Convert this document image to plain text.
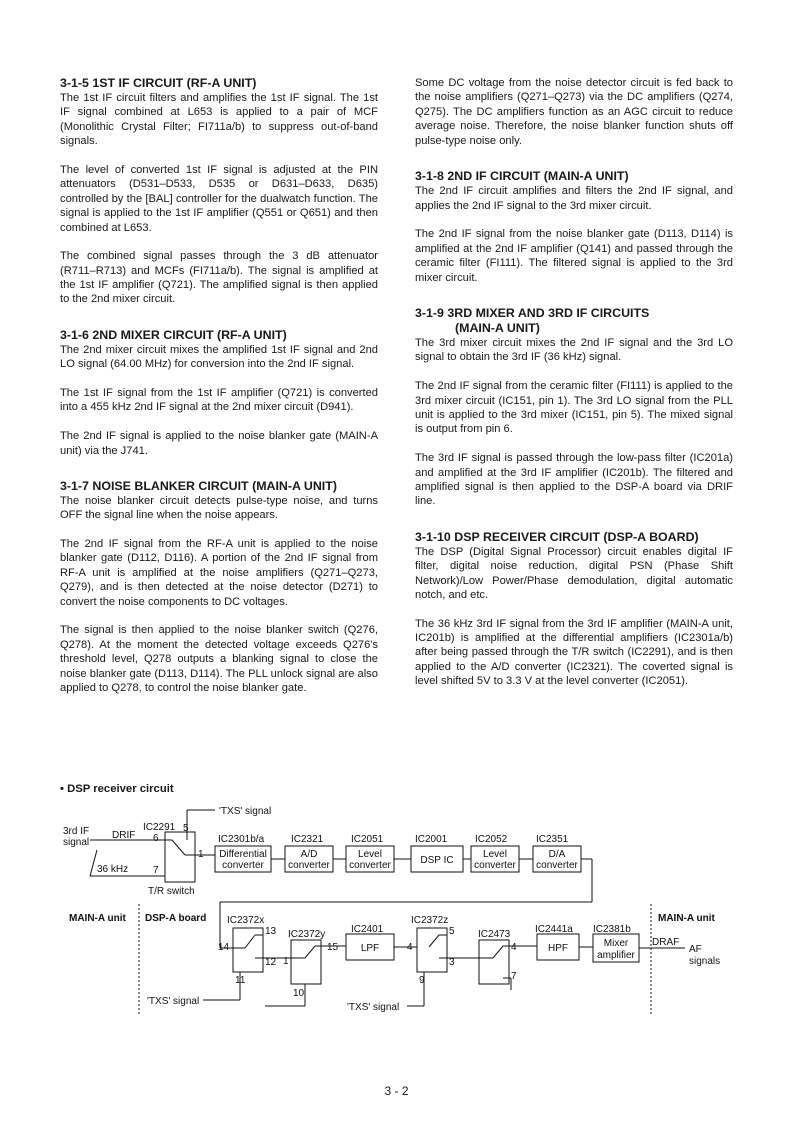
3-1-5 1ST IF CIRCUIT (RF-A UNIT)

The 1st IF circuit filters and amplifies the 1st IF signal. The 1st IF signal combined at L653 is applied to a pair of MCF (Monolithic Crystal Filter; FI711a/b) to suppress out-of-band signals.

The level of converted 1st IF signal is adjusted at the PIN attenuators (D531–D533, D535 or D631–D633, D635) controlled by the [BAL] controller for the dualwatch function. The signal is applied to the 1st IF amplifier (Q551 or Q651) and then combined at L653.

The combined signal passes through the 3 dB attenuator (R711–R713) and MCFs (FI711a/b). The signal is amplified at the 1st IF amplifier (Q721). The amplified signal is then applied to the 2nd mixer circuit.

3-1-6 2ND MIXER CIRCUIT (RF-A UNIT)

The 2nd mixer circuit mixes the amplified 1st IF signal and 2nd LO signal (64.00 MHz) for conversion into the 2nd IF signal.

The 1st IF signal from the 1st IF amplifier (Q721) is converted into a 455 kHz 2nd IF signal at the 2nd mixer circuit (D941).

The 2nd IF signal is applied to the noise blanker gate (MAIN-A unit) via the J741.

3-1-7 NOISE BLANKER CIRCUIT (MAIN-A UNIT)

The noise blanker circuit detects pulse-type noise, and turns OFF the signal line when the noise appears.

The 2nd IF signal from the RF-A unit is applied to the noise blanker gate (D112, D116). A portion of the 2nd IF signal from RF-A unit is amplified at the noise amplifiers (Q271–Q273, Q279), and is then detected at the noise detector (D271) to convert the noise components to DC voltages.

The signal is then applied to the noise blanker switch (Q276, Q278). At the moment the detected voltage exceeds Q276's threshold level, Q278 outputs a blanking signal to close the noise blanker gate (D113, D114). The PLL unlock signal are also applied to Q278, to control the noise blanker gate.

Some DC voltage from the noise detector circuit is fed back to the noise amplifiers (Q271–Q273) via the DC amplifiers (Q274, Q275). The DC amplifiers function as an AGC circuit to reduce average noise. Therefore, the noise blanker function shuts off pulse-type noise only.

3-1-8 2ND IF CIRCUIT (MAIN-A UNIT)

The 2nd IF circuit amplifies and filters the 2nd IF signal, and applies the 2nd IF signal to the 3rd mixer circuit.

The 2nd IF signal from the noise blanker gate (D113, D114) is amplified at the 2nd IF amplifier (Q141) and passed through the ceramic filter (FI111). The filtered signal is applied to the 3rd mixer circuit.

3-1-9 3RD MIXER AND 3RD IF CIRCUITS
(MAIN-A UNIT)

The 3rd mixer circuit mixes the 2nd IF signal and the 3rd LO signal to obtain the 3rd IF (36 kHz) signal.

The 2nd IF signal from the ceramic filter (FI111) is applied to the 3rd mixer circuit (IC151, pin 1). The 3rd LO signal from the PLL unit is applied to the 3rd mixer (IC151, pin 5). The mixed signal is output from pin 6.

The 3rd IF signal is passed through the low-pass filter (IC201a) and amplified at the 3rd IF amplifier (IC201b). The filtered and amplified signal is then applied to the DSP-A board via DRIF line.

3-1-10 DSP RECEIVER CIRCUIT (DSP-A BOARD)

The DSP (Digital Signal Processor) circuit enables digital IF filter, digital noise reduction, digital PSN (Phase Shift Network)/Low Power/Phase demodulation, digital automatic notch, and etc.

The 36 kHz 3rd IF signal from the 3rd IF amplifier (MAIN-A unit, IC201b) is amplified at the differential amplifiers (IC2301a/b) after being passed through the T/R switch (IC2291), and is then applied to the A/D converter (IC2321). The coverted signal is level shifted 5V to 3.3 V at the level converter (IC2051).

• DSP receiver circuit

3rd IF
signal
DRIF
36 kHz
IC2291
6
5
1
7
'TXS' signal
T/R switch
IC2301b/a
Differential
converter
IC2321
A/D
converter
IC2051
Level
converter
IC2001
DSP IC
IC2052
Level
converter
IC2351
D/A
converter
MAIN-A unit DSP-A board	MAIN-A unit
IC2372x
14
13
12
11
'TXS' signal
IC2372y
1
15
10
IC2401
LPF
IC2372z
4
5
3
9
'TXS' signal
IC2473
4
7
IC2441a
HPF
IC2381b
Mixer
amplifier
DRAF
AF
signals
3 - 2
